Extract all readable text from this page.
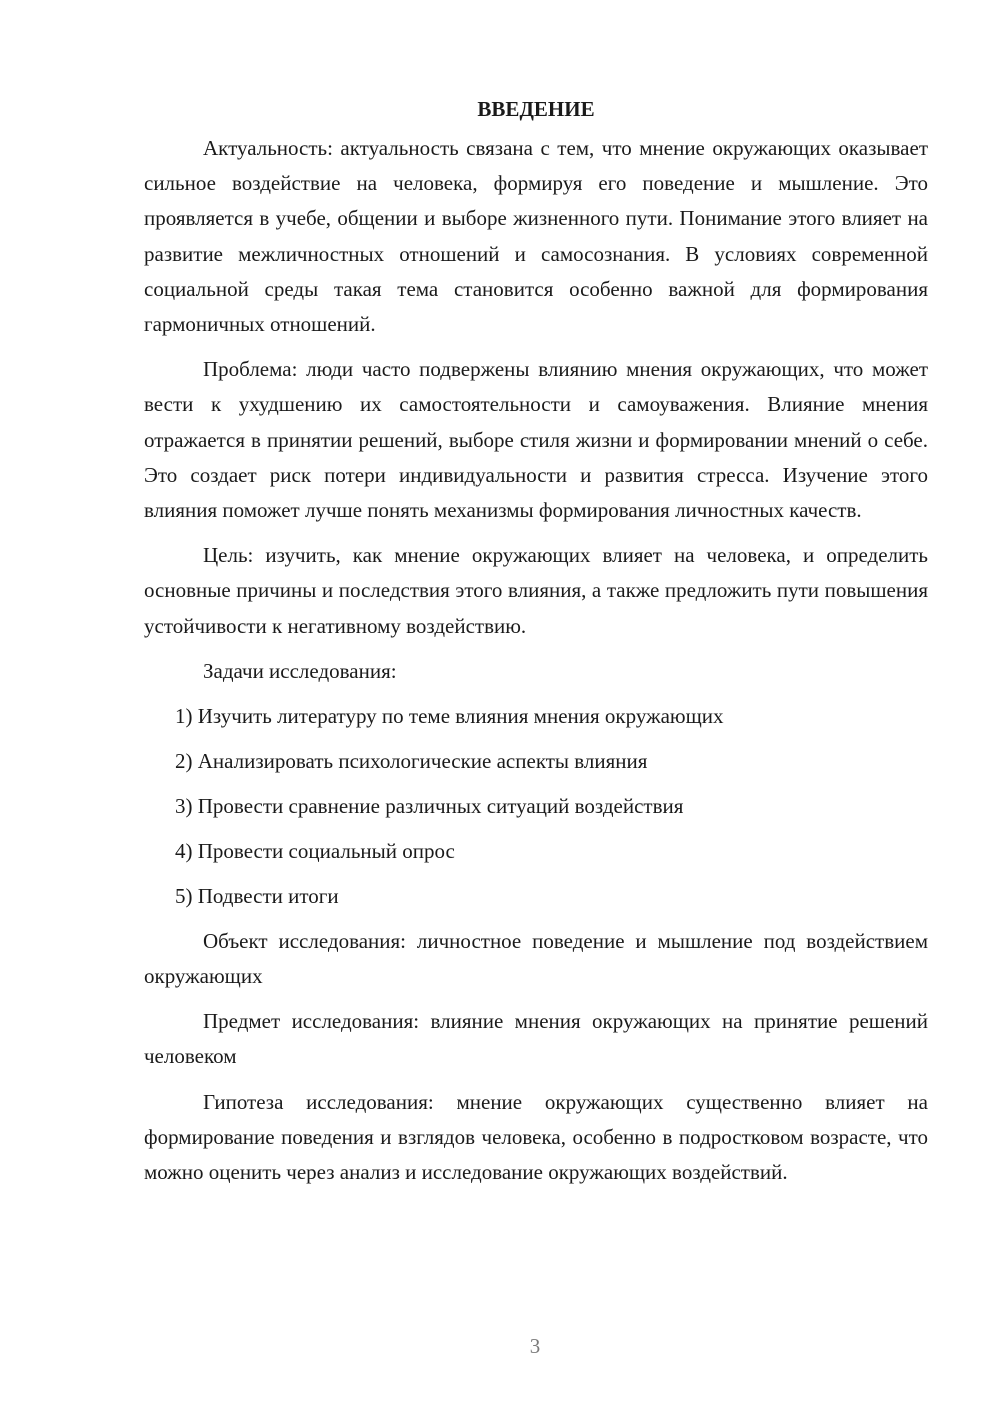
ВВЕДЕНИЕ

Актуальность: актуальность связана с тем, что мнение окружающих оказывает сильное воздействие на человека, формируя его поведение и мышление. Это проявляется в учебе, общении и выборе жизненного пути. Понимание этого влияет на развитие межличностных отношений и самосознания. В условиях современной социальной среды такая тема становится особенно важной для формирования гармоничных отношений.

Проблема: люди часто подвержены влиянию мнения окружающих, что может вести к ухудшению их самостоятельности и самоуважения. Влияние мнения отражается в принятии решений, выборе стиля жизни и формировании мнений о себе. Это создает риск потери индивидуальности и развития стресса. Изучение этого влияния поможет лучше понять механизмы формирования личностных качеств.

Цель: изучить, как мнение окружающих влияет на человека, и определить основные причины и последствия этого влияния, а также предложить пути повышения устойчивости к негативному воздействию.

Задачи исследования:

1) Изучить литературу по теме влияния мнения окружающих
2) Анализировать психологические аспекты влияния
3) Провести сравнение различных ситуаций воздействия
4) Провести социальный опрос
5) Подвести итоги

Объект исследования: личностное поведение и мышление под воздействием окружающих

Предмет исследования: влияние мнения окружающих на принятие решений человеком

Гипотеза исследования: мнение окружающих существенно влияет на формирование поведения и взглядов человека, особенно в подростковом возрасте, что можно оценить через анализ и исследование окружающих воздействий.

3
